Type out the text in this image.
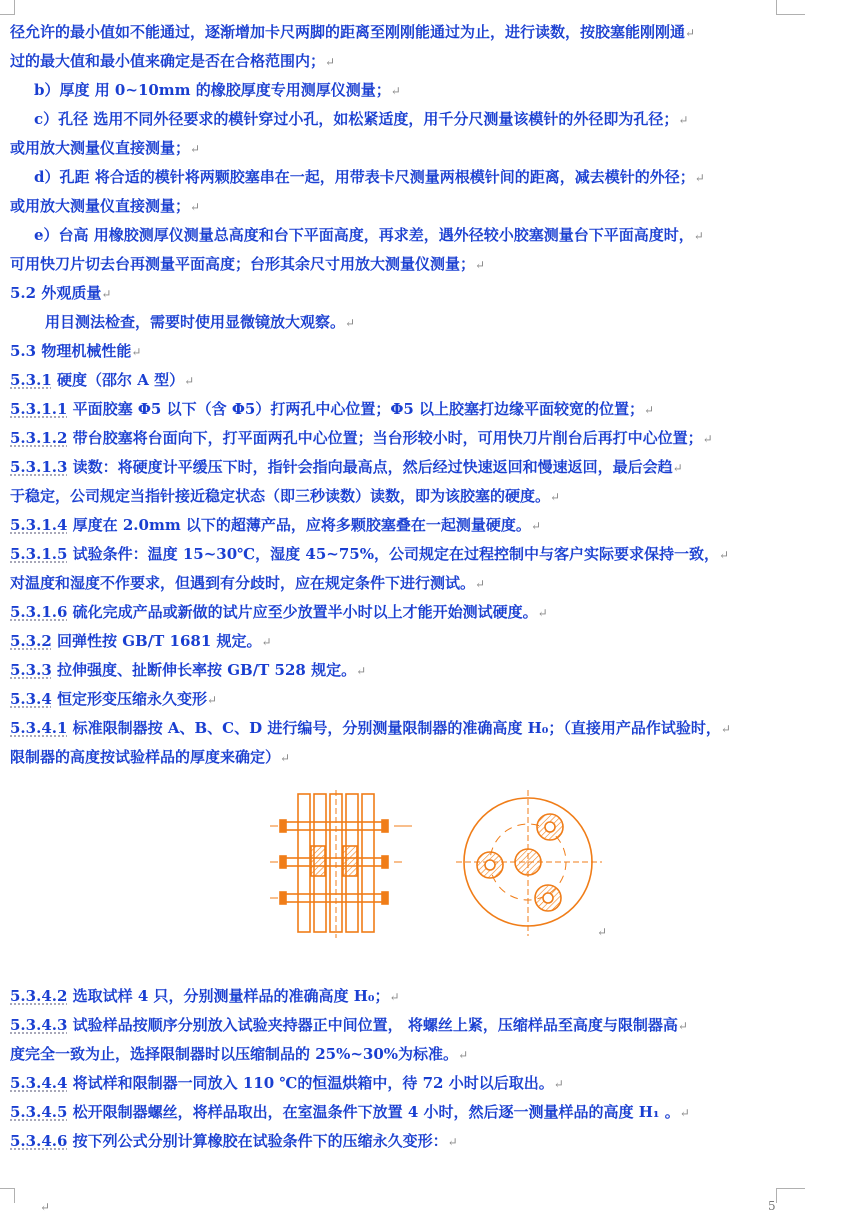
径允许的最小值如不能通过，逐渐增加卡尺两脚的距离至刚刚能通过为止，进行读数，按胶塞能刚刚通↵
过的最大值和最小值来确定是否在合格范围内；↵
b）厚度 用 0~10mm 的橡胶厚度专用测厚仪测量；↵
c）孔径 选用不同外径要求的模针穿过小孔，如松紧适度，用千分尺测量该模针的外径即为孔径；↵
或用放大测量仪直接测量；↵
d）孔距 将合适的模针将两颗胶塞串在一起，用带表卡尺测量两根模针间的距离，减去模针的外径；↵
或用放大测量仪直接测量；↵
e）台高 用橡胶测厚仪测量总高度和台下平面高度，再求差，遇外径较小胶塞测量台下平面高度时，↵
可用快刀片切去台再测量平面高度；台形其余尺寸用放大测量仪测量；↵
5.2 外观质量↵
用目测法检查，需要时使用显微镜放大观察。↵
5.3 物理机械性能↵
5.3.1 硬度（邵尔 A 型）↵
5.3.1.1 平面胶塞 Φ5 以下（含 Φ5）打两孔中心位置；Φ5 以上胶塞打边缘平面较宽的位置；↵
5.3.1.2 带台胶塞将台面向下，打平面两孔中心位置；当台形较小时，可用快刀片削台后再打中心位置；↵
5.3.1.3 读数：将硬度计平缓压下时，指针会指向最高点，然后经过快速返回和慢速返回，最后会趋↵
于稳定，公司规定当指针接近稳定状态（即三秒读数）读数，即为该胶塞的硬度。↵
5.3.1.4 厚度在 2.0mm 以下的超薄产品，应将多颗胶塞叠在一起测量硬度。↵
5.3.1.5 试验条件：温度 15~30℃，湿度 45~75%，公司规定在过程控制中与客户实际要求保持一致，↵
对温度和湿度不作要求，但遇到有分歧时，应在规定条件下进行测试。↵
5.3.1.6 硫化完成产品或新做的试片应至少放置半小时以上才能开始测试硬度。↵
5.3.2 回弹性按 GB/T 1681 规定。↵
5.3.3 拉伸强度、扯断伸长率按 GB/T 528 规定。↵
5.3.4 恒定形变压缩永久变形↵
5.3.4.1 标准限制器按 A、B、C、D 进行编号，分别测量限制器的准确高度 H₀；（直接用产品作试验时，↵
限制器的高度按试验样品的厚度来确定）↵
↵
5.3.4.2 选取试样 4 只，分别测量样品的准确高度 H₀；↵
5.3.4.3 试验样品按顺序分别放入试验夹持器正中间位置， 将螺丝上紧，压缩样品至高度与限制器高↵
度完全一致为止，选择限制器时以压缩制品的 25%~30%为标准。↵
5.3.4.4 将试样和限制器一同放入 110 ℃的恒温烘箱中，待 72 小时以后取出。↵
5.3.4.5 松开限制器螺丝，将样品取出，在室温条件下放置 4 小时，然后逐一测量样品的高度 H₁ 。↵
5.3.4.6 按下列公式分别计算橡胶在试验条件下的压缩永久变形：↵
↵	5
